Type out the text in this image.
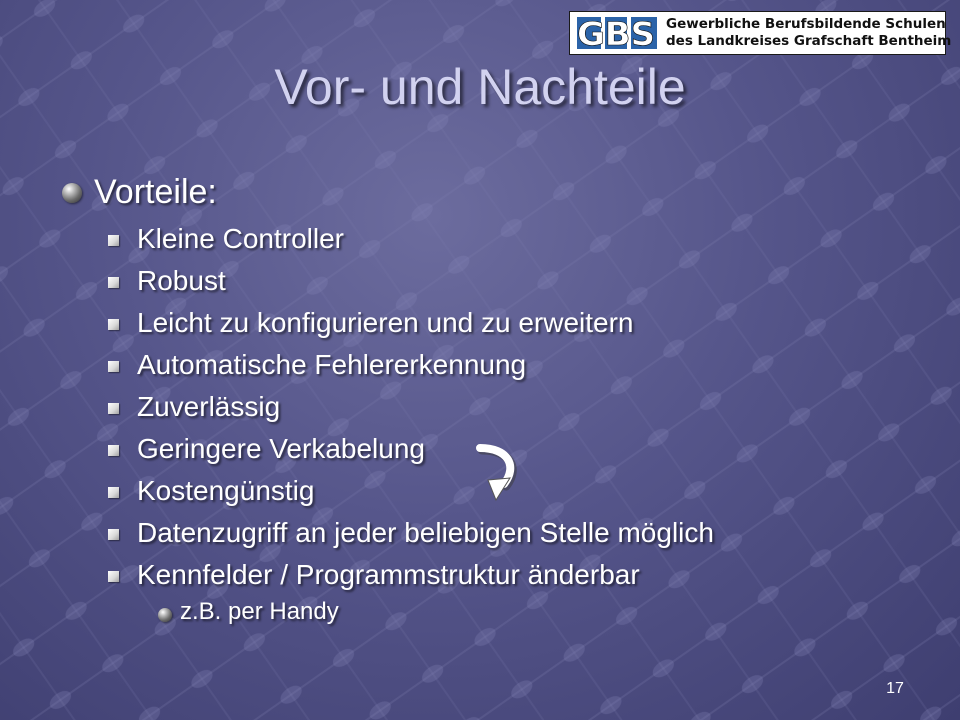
GBS Gewerbliche Berufsbildende Schulen
des Landkreises Grafschaft Bentheim
Vor- und Nachteile
Vorteile:
Kleine Controller
Robust
Leicht zu konfigurieren und zu erweitern
Automatische Fehlererkennung
Zuverlässig
Geringere Verkabelung
Kostengünstig
Datenzugriff an jeder beliebigen Stelle möglich
Kennfelder / Programmstruktur änderbar
z.B. per Handy
17
